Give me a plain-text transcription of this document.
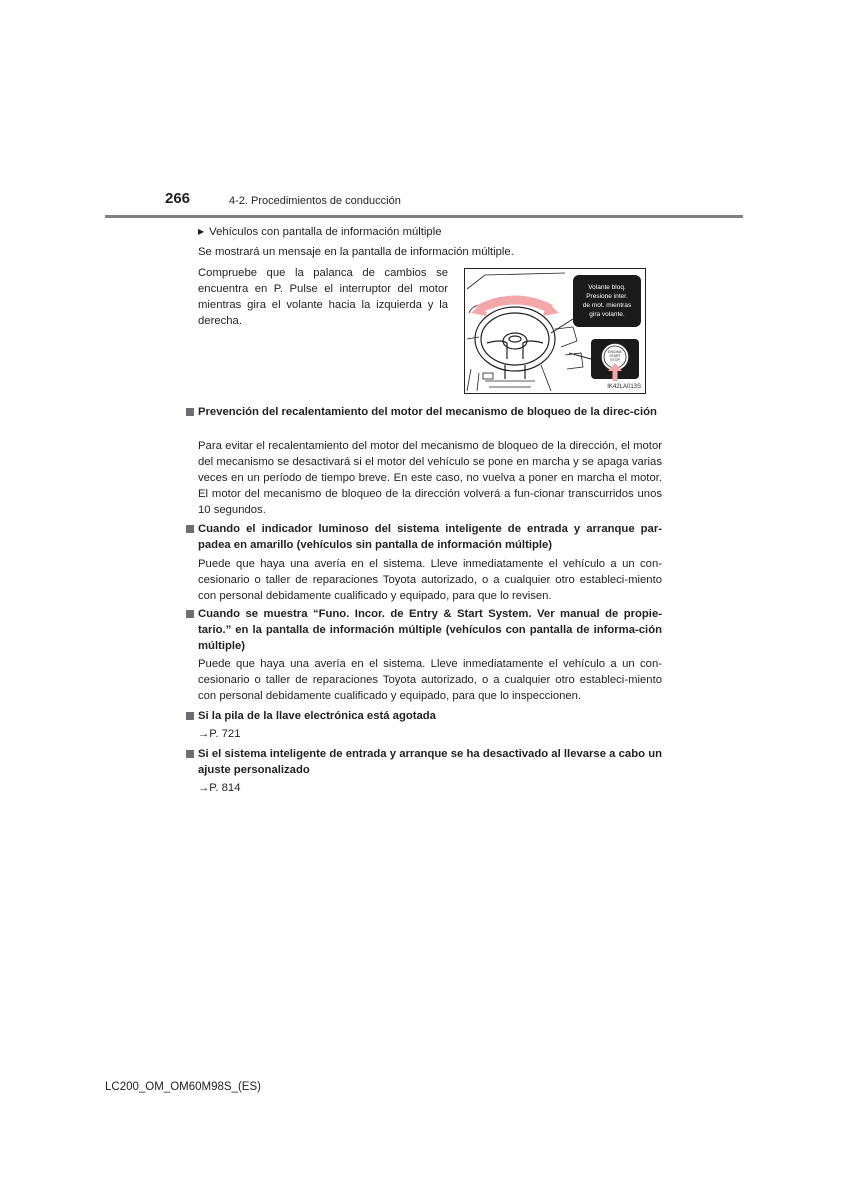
266	4-2. Procedimientos de conducción
▶ Vehículos con pantalla de información múltiple
Se mostrará un mensaje en la pantalla de información múltiple.
Compruebe que la palanca de cambios se encuentra en P. Pulse el interruptor del motor mientras gira el volante hacia la izquierda y la derecha.
Volante bloq.
Presione inter.
de mot. mientras
gira volante.
ENGINE
START
STOP
IK42LA013S
Prevención del recalentamiento del motor del mecanismo de bloqueo de la direc-ción
Para evitar el recalentamiento del motor del mecanismo de bloqueo de la dirección, el motor del mecanismo se desactivará si el motor del vehículo se pone en marcha y se apaga varias veces en un período de tiempo breve. En este caso, no vuelva a poner en marcha el motor. El motor del mecanismo de bloqueo de la dirección volverá a fun-cionar transcurridos unos 10 segundos.
Cuando el indicador luminoso del sistema inteligente de entrada y arranque par-padea en amarillo (vehículos sin pantalla de información múltiple)
Puede que haya una avería en el sistema. Lleve inmediatamente el vehículo a un con-cesionario o taller de reparaciones Toyota autorizado, o a cualquier otro estableci-miento con personal debidamente cualificado y equipado, para que lo revisen.
Cuando se muestra “Funo. Incor. de Entry & Start System. Ver manual de propie-tario.” en la pantalla de información múltiple (vehículos con pantalla de informa-ción múltiple)
Puede que haya una avería en el sistema. Lleve inmediatamente el vehículo a un con-cesionario o taller de reparaciones Toyota autorizado, o a cualquier otro estableci-miento con personal debidamente cualificado y equipado, para que lo inspeccionen.
Si la pila de la llave electrónica está agotada
→P. 721
Si el sistema inteligente de entrada y arranque se ha desactivado al llevarse a cabo un ajuste personalizado
→P. 814
LC200_OM_OM60M98S_(ES)
